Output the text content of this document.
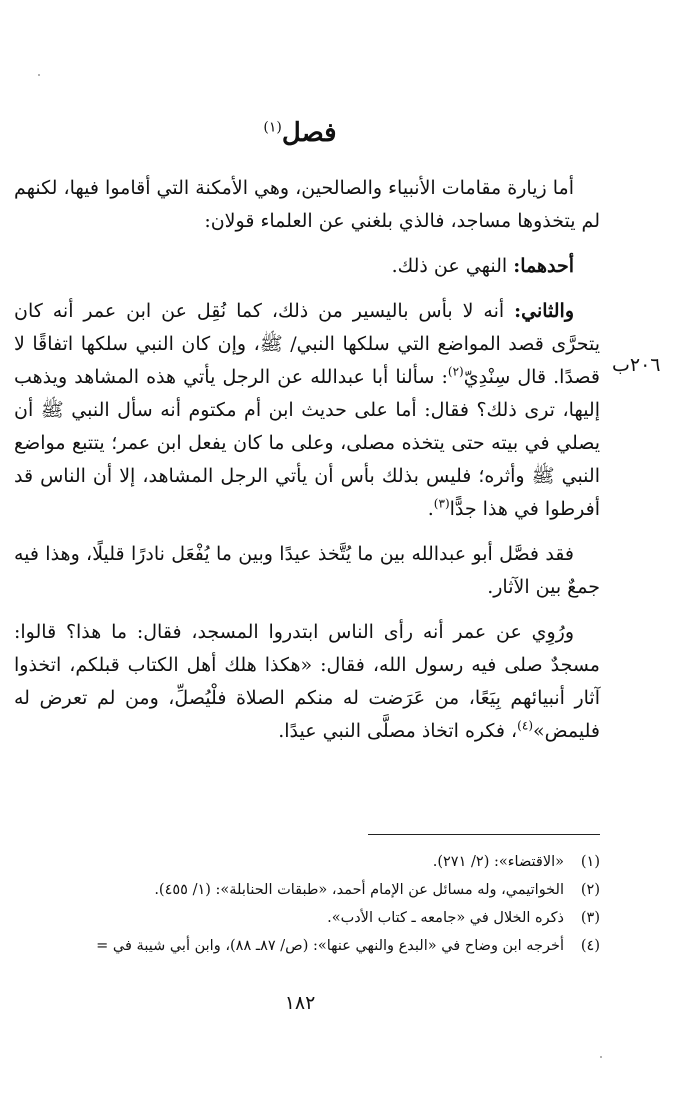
فصل$^{(١)}$
٢٠٦ب

أما زيارة مقامات الأنبياء والصالحين، وهي الأمكنة التي أقاموا فيها، لكنهم لم يتخذوها مساجد، فالذي بلغني عن العلماء قولان:

أحدهما: النهي عن ذلك.

والثاني: أنه لا بأس باليسير من ذلك، كما نُقِل عن ابن عمر أنه كان يتحرَّى قصد المواضع التي سلكها النبي/ ﷺ، وإن كان النبي سلكها اتفاقًا لا قصدًا. قال سِنْدِيّ$^{(٢)}$: سألنا أبا عبدالله عن الرجل يأتي هذه المشاهد ويذهب إليها، ترى ذلك؟ فقال: أما على حديث ابن أم مكتوم أنه سأل النبي ﷺ أن يصلي في بيته حتى يتخذه مصلى، وعلى ما كان يفعل ابن عمر؛ يتتبع مواضع النبي ﷺ وأثره؛ فليس بذلك بأس أن يأتي الرجل المشاهد، إلا أن الناس قد أفرطوا في هذا جدًّا$^{(٣)}$.

فقد فصَّل أبو عبدالله بين ما يُتَّخذ عيدًا وبين ما يُفْعَل نادرًا قليلًا، وهذا فيه جمعٌ بين الآثار.

ورُوِي عن عمر أنه رأى الناس ابتدروا المسجد، فقال: ما هذا؟ قالوا: مسجدٌ صلى فيه رسول الله، فقال: «هكذا هلك أهل الكتاب قبلكم، اتخذوا آثار أنبيائهم بِيَعًا، من عَرَضت له منكم الصلاة فلْيُصلِّ، ومن لم تعرض له فليمض»$^{(٤)}$، فكره اتخاذ مصلَّى النبي عيدًا.

(١)«الاقتضاء»: (٢/ ٢٧١).
(٢)الخواتيمي، وله مسائل عن الإمام أحمد، «طبقات الحنابلة»: (١/ ٤٥٥).
(٣)ذكره الخلال في «جامعه ـ كتاب الأدب».
(٤)أخرجه ابن وضاح في «البدع والنهي عنها»: (ص/ ٨٧ـ ٨٨)، وابن أبي شيبة في =
١٨٢
